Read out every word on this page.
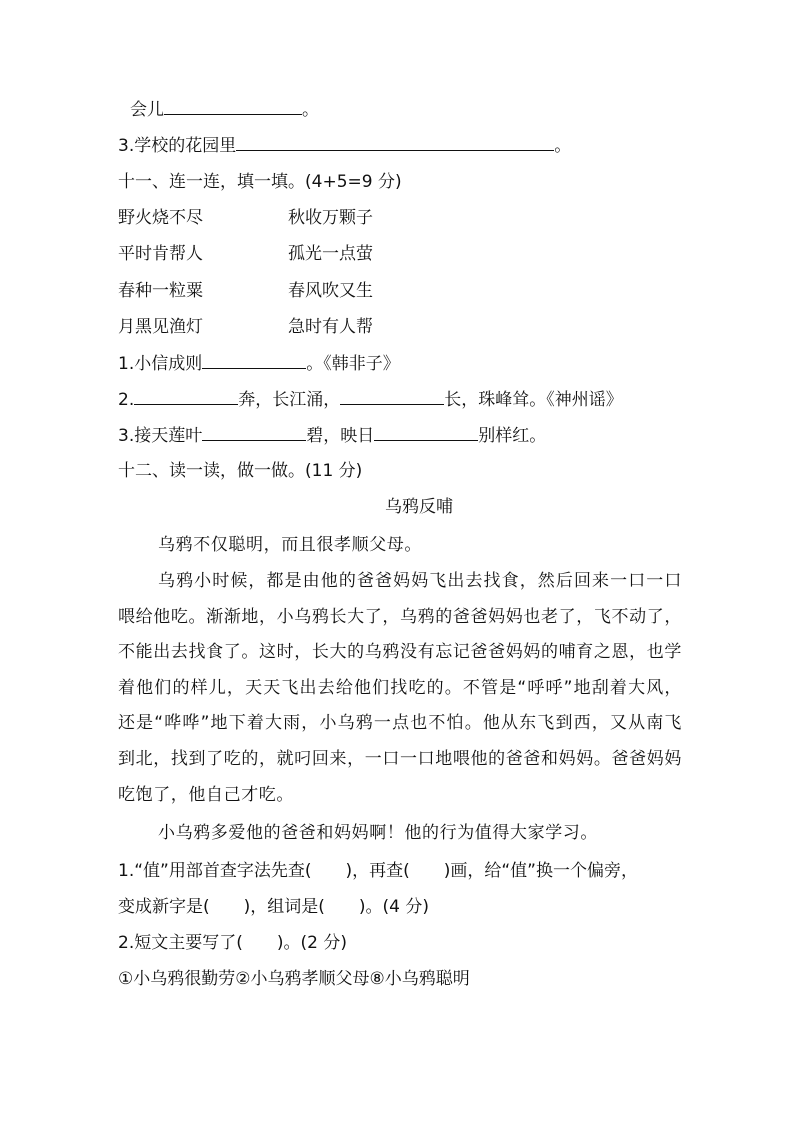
会儿	。
3.学校的花园里	。
十一、连一连，填一填。(4+5=9 分)
野火烧不尽	秋收万颗子
平时肯帮人	孤光一点萤
春种一粒粟	春风吹又生
月黑见渔灯	急时有人帮
1.小信成则	。《韩非子》
2.	奔，长江涌，	长，珠峰耸。《神州谣》
3.接天莲叶	碧，映日	别样红。
十二、读一读，做一做。(11 分)
乌鸦反哺
乌鸦不仅聪明，而且很孝顺父母。
乌鸦小时候，都是由他的爸爸妈妈飞出去找食，然后回来一口一口喂给他吃。渐渐地，小乌鸦长大了，乌鸦的爸爸妈妈也老了，飞不动了，不能出去找食了。这时，长大的乌鸦没有忘记爸爸妈妈的哺育之恩，也学着他们的样儿，天天飞出去给他们找吃的。不管是“呼呼”地刮着大风，还是“哗哗”地下着大雨，小乌鸦一点也不怕。他从东飞到西，又从南飞到北，找到了吃的，就叼回来，一口一口地喂他的爸爸和妈妈。爸爸妈妈吃饱了，他自己才吃。
小乌鸦多爱他的爸爸和妈妈啊！他的行为值得大家学习。
1.“值”用部首查字法先查(　　)，再查(　　)画，给“值”换一个偏旁，
变成新字是(　　)，组词是(　　)。(4 分)
2.短文主要写了(　　)。(2 分)
①小乌鸦很勤劳②小乌鸦孝顺父母⑧小乌鸦聪明
